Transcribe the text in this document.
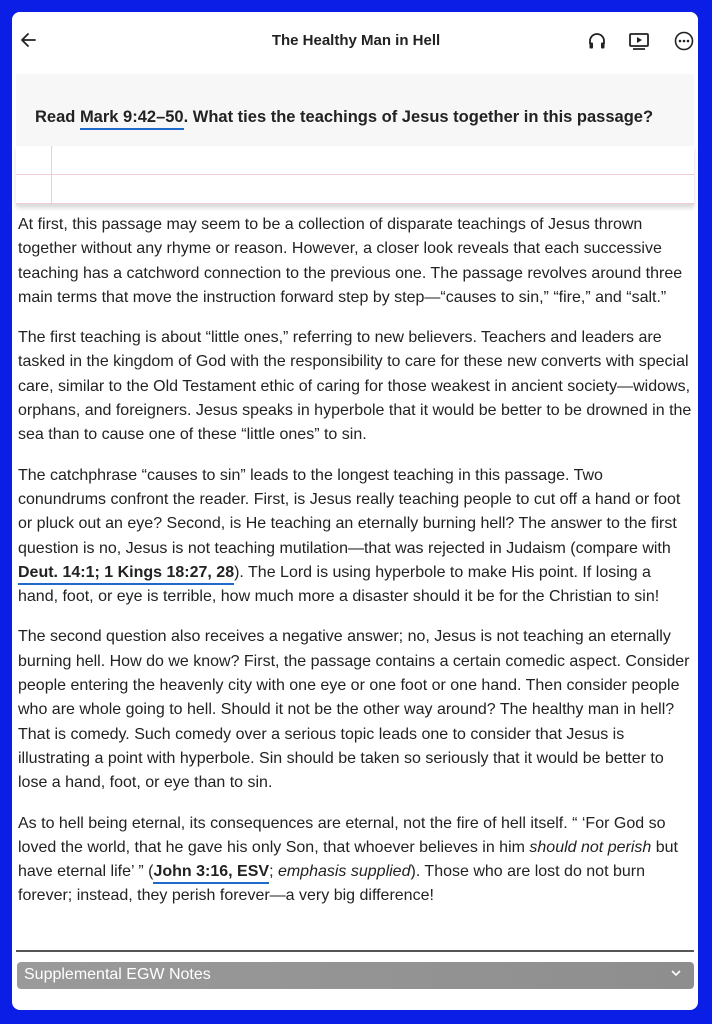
The Healthy Man in Hell
Read Mark 9:42–50. What ties the teachings of Jesus together in this passage?

At first, this passage may seem to be a collection of disparate teachings of Jesus thrown together without any rhyme or reason. However, a closer look reveals that each successive teaching has a catchword connection to the previous one. The passage revolves around three main terms that move the instruction forward step by step—“causes to sin,” “fire,” and “salt.”

The first teaching is about “little ones,” referring to new believers. Teachers and leaders are tasked in the kingdom of God with the responsibility to care for these new converts with special care, similar to the Old Testament ethic of caring for those weakest in ancient society—widows, orphans, and foreigners. Jesus speaks in hyperbole that it would be better to be drowned in the sea than to cause one of these “little ones” to sin.

The catchphrase “causes to sin” leads to the longest teaching in this passage. Two conundrums confront the reader. First, is Jesus really teaching people to cut off a hand or foot or pluck out an eye? Second, is He teaching an eternally burning hell? The answer to the first question is no, Jesus is not teaching mutilation—that was rejected in Judaism (compare with Deut. 14:1; 1 Kings 18:27, 28). The Lord is using hyperbole to make His point. If losing a hand, foot, or eye is terrible, how much more a disaster should it be for the Christian to sin!

The second question also receives a negative answer; no, Jesus is not teaching an eternally burning hell. How do we know? First, the passage contains a certain comedic aspect. Consider people entering the heavenly city with one eye or one foot or one hand. Then consider people who are whole going to hell. Should it not be the other way around? The healthy man in hell? That is comedy. Such comedy over a serious topic leads one to consider that Jesus is illustrating a point with hyperbole. Sin should be taken so seriously that it would be better to lose a hand, foot, or eye than to sin.

As to hell being eternal, its consequences are eternal, not the fire of hell itself. “ ‘For God so loved the world, that he gave his only Son, that whoever believes in him should not perish but have eternal life’ ” (John 3:16, ESV; emphasis supplied). Those who are lost do not burn forever; instead, they perish forever—a very big difference!

Supplemental EGW Notes
